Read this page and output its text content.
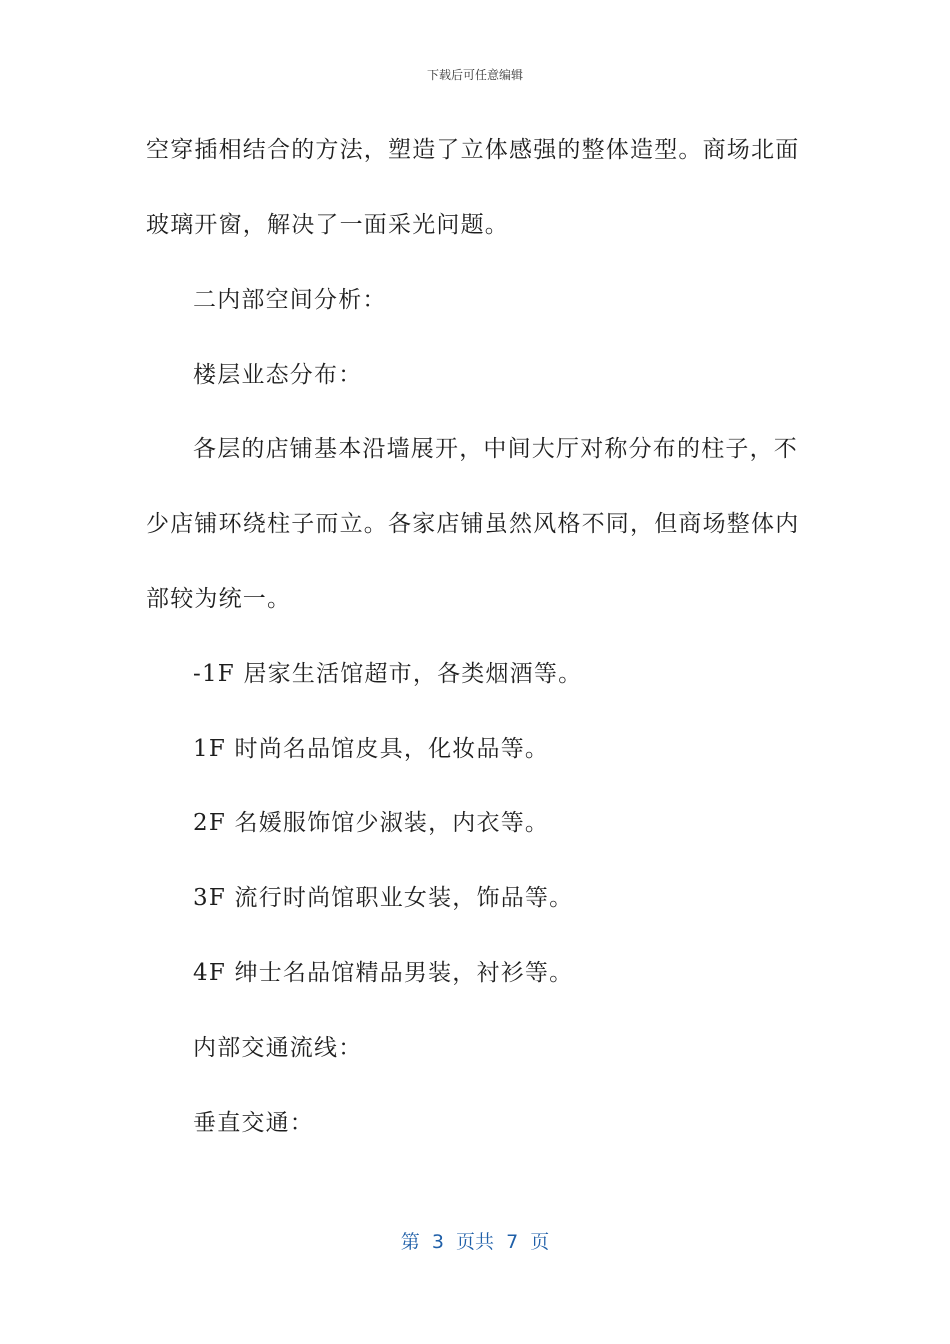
下载后可任意编辑
空穿插相结合的方法，塑造了立体感强的整体造型。商场北面
玻璃开窗，解决了一面采光问题。
二内部空间分析：
楼层业态分布：
各层的店铺基本沿墙展开，中间大厅对称分布的柱子，不
少店铺环绕柱子而立。各家店铺虽然风格不同，但商场整体内
部较为统一。
-1F 居家生活馆超市，各类烟酒等。
1F 时尚名品馆皮具，化妆品等。
2F 名媛服饰馆少淑装，内衣等。
3F 流行时尚馆职业女装，饰品等。
4F 绅士名品馆精品男装，衬衫等。
内部交通流线：
垂直交通：
第  3  页共  7  页
